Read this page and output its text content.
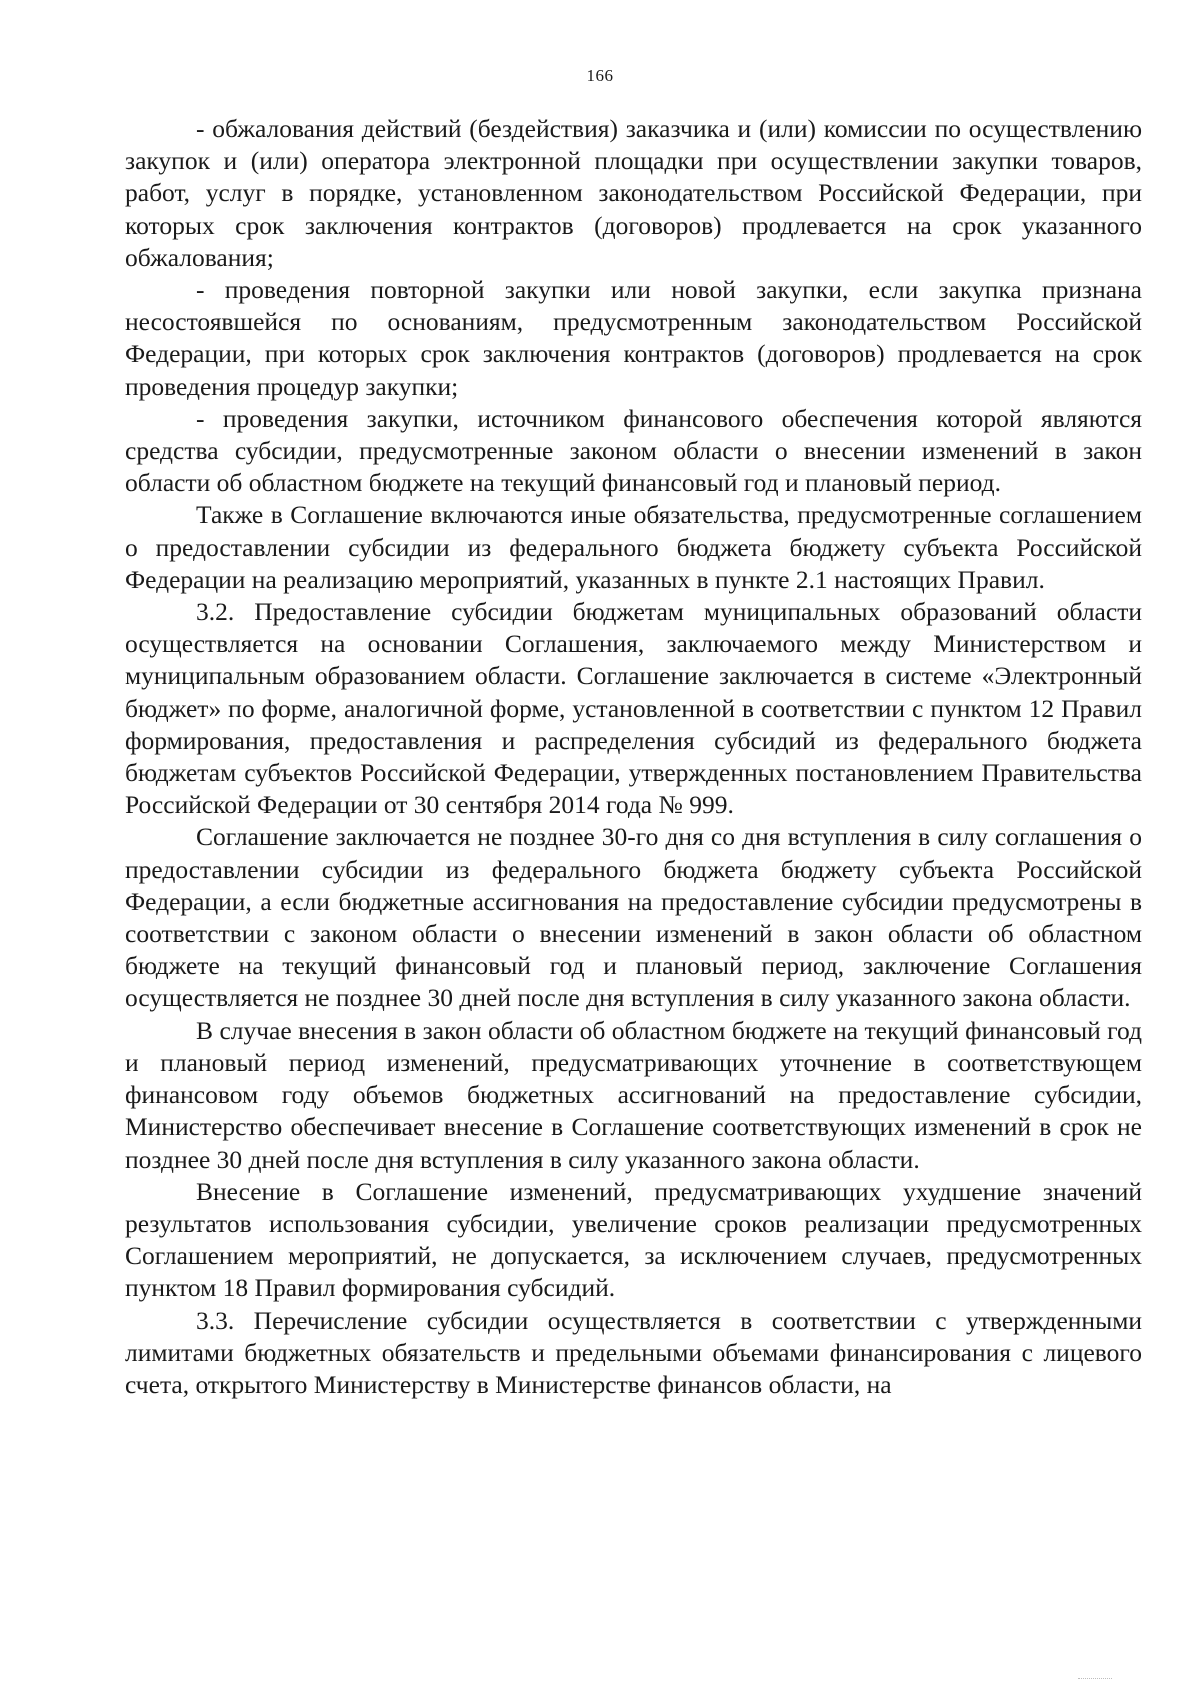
166

- обжалования действий (бездействия) заказчика и (или) комиссии по осуществлению закупок и (или) оператора электронной площадки при осуществлении закупки товаров, работ, услуг в порядке, установленном законодательством Российской Федерации, при которых срок заключения контрактов (договоров) продлевается на срок указанного обжалования;

- проведения повторной закупки или новой закупки, если закупка признана несостоявшейся по основаниям, предусмотренным законодательством Российской Федерации, при которых срок заключения контрактов (договоров) продлевается на срок проведения процедур закупки;

- проведения закупки, источником финансового обеспечения которой являются средства субсидии, предусмотренные законом области о внесении изменений в закон области об областном бюджете на текущий финансовый год и плановый период.

Также в Соглашение включаются иные обязательства, предусмотренные соглашением о предоставлении субсидии из федерального бюджета бюджету субъекта Российской Федерации на реализацию мероприятий, указанных в пункте 2.1 настоящих Правил.

3.2. Предоставление субсидии бюджетам муниципальных образований области осуществляется на основании Соглашения, заключаемого между Министерством и муниципальным образованием области. Соглашение заключается в системе «Электронный бюджет» по форме, аналогичной форме, установленной в соответствии с пунктом 12 Правил формирования, предоставления и распределения субсидий из федерального бюджета бюджетам субъектов Российской Федерации, утвержденных постановлением Правительства Российской Федерации от 30 сентября 2014 года № 999.

Соглашение заключается не позднее 30-го дня со дня вступления в силу соглашения о предоставлении субсидии из федерального бюджета бюджету субъекта Российской Федерации, а если бюджетные ассигнования на предоставление субсидии предусмотрены в соответствии с законом области о внесении изменений в закон области об областном бюджете на текущий финансовый год и плановый период, заключение Соглашения осуществляется не позднее 30 дней после дня вступления в силу указанного закона области.

В случае внесения в закон области об областном бюджете на текущий финансовый год и плановый период изменений, предусматривающих уточнение в соответствующем финансовом году объемов бюджетных ассигнований на предоставление субсидии, Министерство обеспечивает внесение в Соглашение соответствующих изменений в срок не позднее 30 дней после дня вступления в силу указанного закона области.

Внесение в Соглашение изменений, предусматривающих ухудшение значений результатов использования субсидии, увеличение сроков реализации предусмотренных Соглашением мероприятий, не допускается, за исключением случаев, предусмотренных пунктом 18 Правил формирования субсидий.

3.3. Перечисление субсидии осуществляется в соответствии с утвержденными лимитами бюджетных обязательств и предельными объемами финансирования с лицевого счета, открытого Министерству в Министерстве финансов области, на
